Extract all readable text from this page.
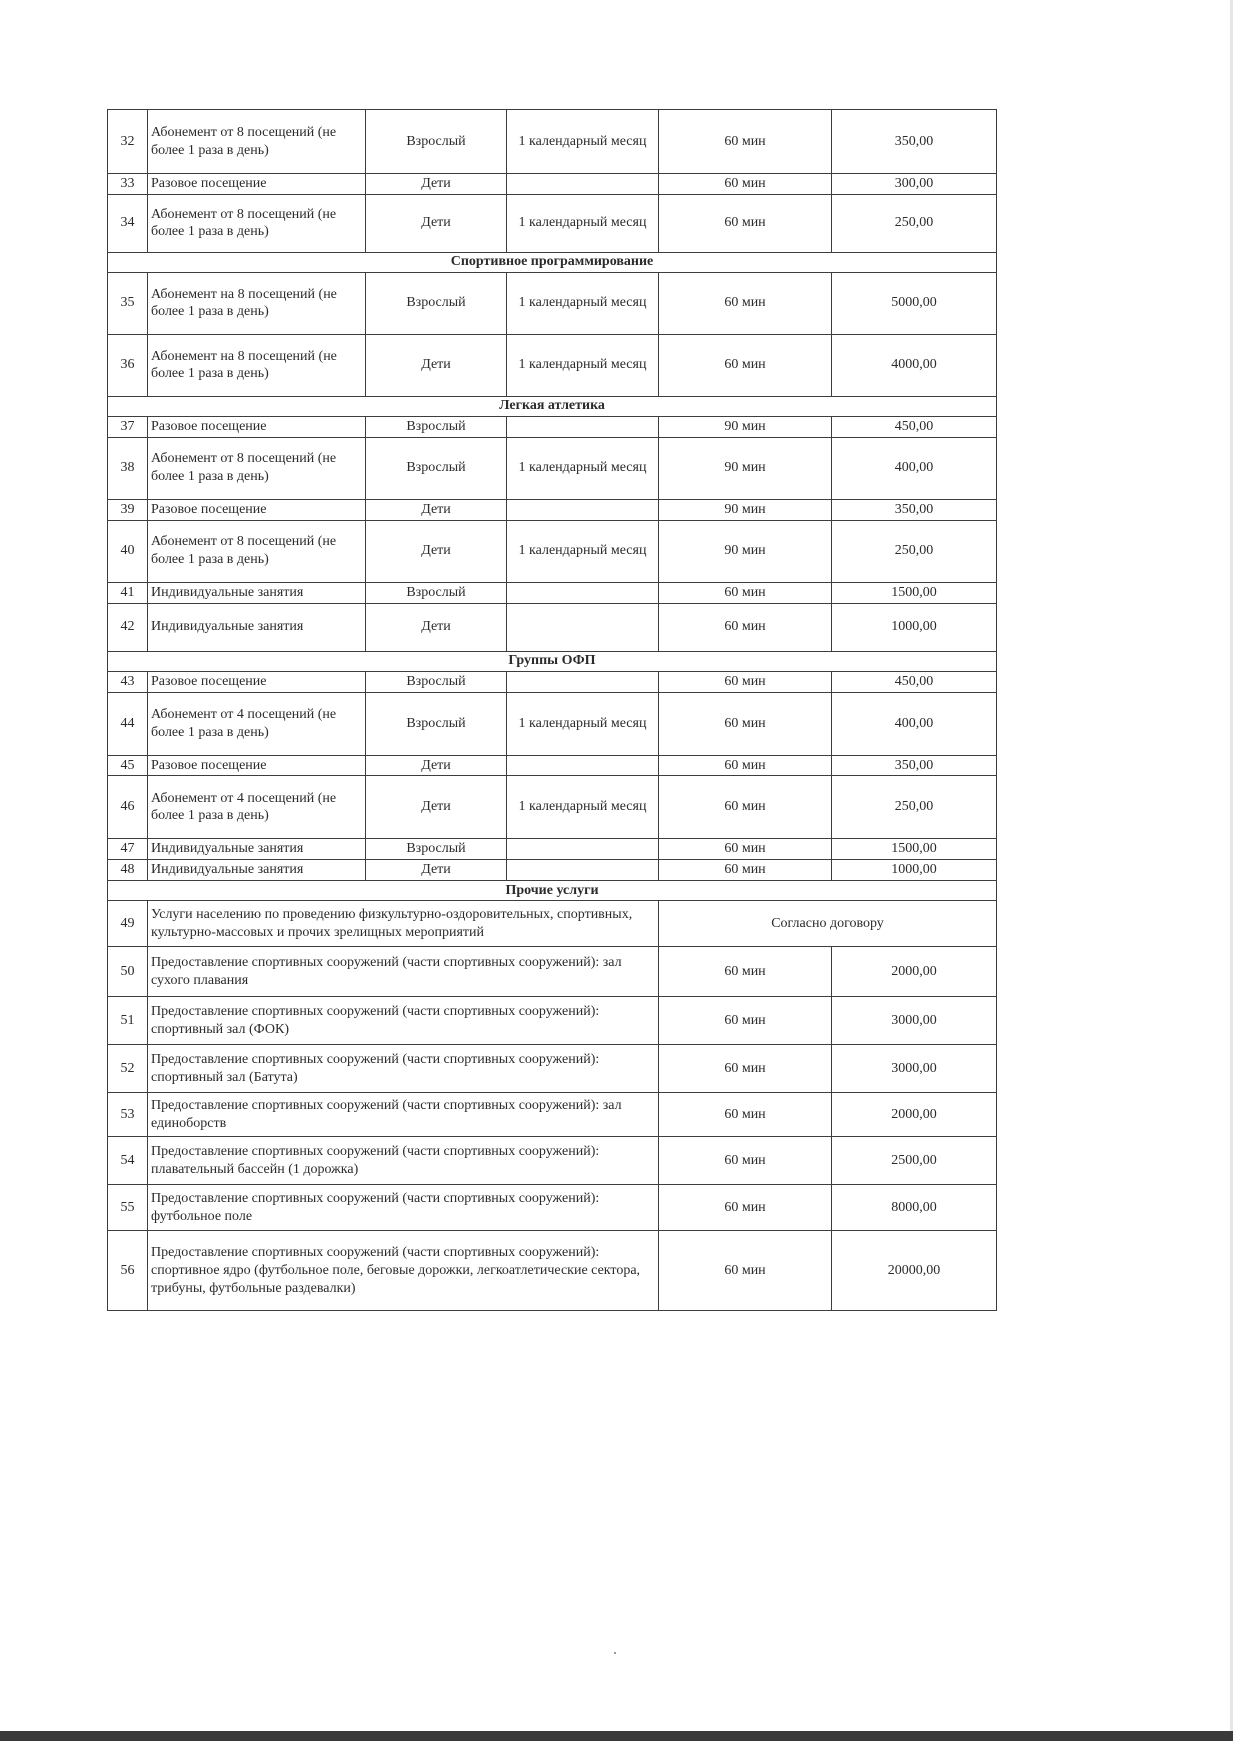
32	Абонемент от 8 посещений (не более 1 раза в день)	Взрослый	1 календарный месяц	60 мин	350,00
33	Разовое посещение	Дети		60 мин	300,00
34	Абонемент от 8 посещений (не более 1 раза в день)	Дети	1 календарный месяц	60 мин	250,00
Спортивное программирование					
35	Абонемент на 8 посещений (не более 1 раза в день)	Взрослый	1 календарный месяц	60 мин	5000,00
36	Абонемент на 8 посещений (не более 1 раза в день)	Дети	1 календарный месяц	60 мин	4000,00
Легкая атлетика					
37	Разовое посещение	Взрослый		90 мин	450,00
38	Абонемент от 8 посещений (не более 1 раза в день)	Взрослый	1 календарный месяц	90 мин	400,00
39	Разовое посещение	Дети		90 мин	350,00
40	Абонемент от 8 посещений (не более 1 раза в день)	Дети	1 календарный месяц	90 мин	250,00
41	Индивидуальные занятия	Взрослый		60 мин	1500,00
42	Индивидуальные занятия	Дети		60 мин	1000,00
Группы ОФП					
43	Разовое посещение	Взрослый		60 мин	450,00
44	Абонемент от 4 посещений (не более 1 раза в день)	Взрослый	1 календарный месяц	60 мин	400,00
45	Разовое посещение	Дети		60 мин	350,00
46	Абонемент от 4 посещений (не более 1 раза в день)	Дети	1 календарный месяц	60 мин	250,00
47	Индивидуальные занятия	Взрослый		60 мин	1500,00
48	Индивидуальные занятия	Дети		60 мин	1000,00
Прочие услуги					
49	Услуги населению по проведению физкультурно-оздоровительных, спортивных, культурно-массовых и прочих зрелищных мероприятий			Согласно договору	
50	Предоставление спортивных сооружений (части спортивных сооружений): зал сухого плавания			60 мин	2000,00
51	Предоставление спортивных сооружений (части спортивных сооружений): спортивный зал (ФОК)			60 мин	3000,00
52	Предоставление спортивных сооружений (части спортивных сооружений): спортивный зал (Батута)			60 мин	3000,00
53	Предоставление спортивных сооружений (части спортивных сооружений): зал единоборств			60 мин	2000,00
54	Предоставление спортивных сооружений (части спортивных сооружений): плавательный бассейн (1 дорожка)			60 мин	2500,00
55	Предоставление спортивных сооружений (части спортивных сооружений): футбольное поле			60 мин	8000,00
56	Предоставление спортивных сооружений (части спортивных сооружений): спортивное ядро (футбольное поле, беговые дорожки, легкоатлетические сектора, трибуны, футбольные раздевалки)			60 мин	20000,00
